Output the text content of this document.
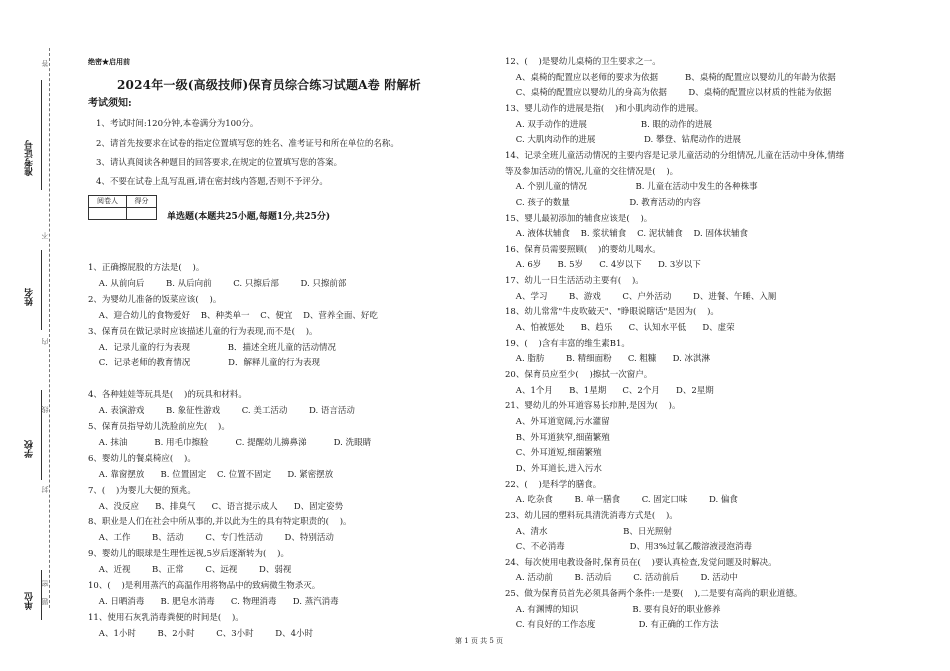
准考证号
姓名
学校
单位
答
不
内
线
封
密
题
绝密★启用前
2024年一级(高级技师)保育员综合练习试题A卷 附解析
考试须知:
1、考试时间:120分钟,本卷满分为100分。
2、请首先按要求在试卷的指定位置填写您的姓名、准考证号和所在单位的名称。
3、请认真阅读各种题目的回答要求,在规定的位置填写您的答案。
4、不要在试卷上乱写乱画,请在密封线内答题,否则不予评分。
阅卷人	得分

单选题(本题共25小题,每题1分,共25分)
1、正确擦屁股的方法是(    )。
A. 从前向后        B. 从后向前        C. 只擦后部        D. 只擦前部
2、为婴幼儿准备的饭菜应该(    )。
A、迎合幼儿的食物爱好    B、种类单一    C、便宜    D、营养全面、好吃
3、保育员在做记录时应该描述儿童的行为表现,而不是(    )。
A．记录儿童的行为表现              B．描述全班儿童的活动情况
C．记录老师的教育情况              D．解释儿童的行为表现
4、各种娃娃等玩具是(    )的玩具和材料。
A. 表演游戏        B. 象征性游戏        C. 美工活动        D. 语言活动
5、保育员指导幼儿洗脸前应先(    )。
A. 抹油          B. 用毛巾擦脸          C. 提醒幼儿擤鼻涕          D. 洗眼睛
6、婴幼儿的餐桌椅应(    )。
A. 靠窗摆放      B. 位置固定    C. 位置不固定      D. 紧密摆放
7、(    )为婴儿大便的预兆。
A、没反应      B、排臭气      C、语言提示成人      D、固定姿势
8、职业是人们在社会中所从事的,并以此为生的具有特定职责的(    )。
A、工作        B、活动        C、专门性活动        D、特别活动
9、婴幼儿的眼球是生理性远视,5岁后逐渐转为(    )。
A、近视        B、正常        C、远视        D、弱视
10、(    )是利用蒸汽的高温作用将物品中的致病微生物杀灭。
A. 日晒消毒      B. 肥皂水消毒      C. 物理消毒      D. 蒸汽消毒
11、使用石灰乳消毒粪便的时间是(    )。
A、1小时        B、2小时        C、3小时        D、4小时
12、(    )是婴幼儿桌椅的卫生要求之一。
A、桌椅的配置应以老师的要求为依据          B、桌椅的配置应以婴幼儿的年龄为依据
C、桌椅的配置应以婴幼儿的身高为依据        D、桌椅的配置应以材质的性能为依据
13、婴儿动作的进展是指(    )和小肌肉动作的进展。
A. 双手动作的进展                    B. 眼的动作的进展
C. 大肌肉动作的进展                  D. 攀登、钻爬动作的进展
14、记录全班儿童活动情况的主要内容是记录儿童活动的分组情况,儿童在活动中身体,情绪
等及参加活动的情况,儿童的交往情况是(    )。
A. 个别儿童的情况                  B. 儿童在活动中发生的各种株事
C. 孩子的数量                      D. 教育活动的内容
15、婴儿最初添加的辅食应该是(    )。
A. 液体状辅食    B. 浆状辅食    C. 泥状辅食    D. 固体状辅食
16、保育员需要照顾(    )的婴幼儿喝水。
A. 6岁      B. 5岁      C. 4岁以下      D. 3岁以下
17、幼儿一日生活活动主要有(    )。
A、学习        B、游戏        C、户外活动        D、进餐、午睡、入厕
18、幼儿常常"牛皮吹破天"、"睁眼说瞎话"是因为(    )。
A、怕被惩处      B、趋乐      C、认知水平低      D、虚荣
19、(    )含有丰富的维生素B1。
A. 脂肪        B. 精细面粉      C. 粗糠      D. 冰淇淋
20、保育员应至少(    )擦拭一次窗户。
A、1个月      B、1星期      C、2个月      D、2星期
21、婴幼儿的外耳道容易长疖肿,是因为(    )。
A、外耳道宽阔,污水灌留
B、外耳道狭窄,细菌繁殖
C、外耳道短,细菌繁殖
D、外耳道长,进入污水
22、(    )是科学的膳食。
A. 吃杂食        B. 单一膳食        C. 固定口味        D. 偏食
23、幼儿园的塑料玩具清洗消毒方式是(    )。
A、清水                            B、日光照射
C、不必消毒                        D、用3%过氧乙酸溶液浸泡消毒
24、每次使用电教设备时,保育员在(    )要认真检查,发觉问题及时解决。
A. 活动前        B. 活动后        C. 活动前后        D. 活动中
25、做为保育员首先必须具备两个条件:一是要(    ),二是要有高尚的职业道德。
A. 有渊博的知识                    B. 要有良好的职业修养
C. 有良好的工作态度                D. 有正确的工作方法
第 1 页 共 5 页
